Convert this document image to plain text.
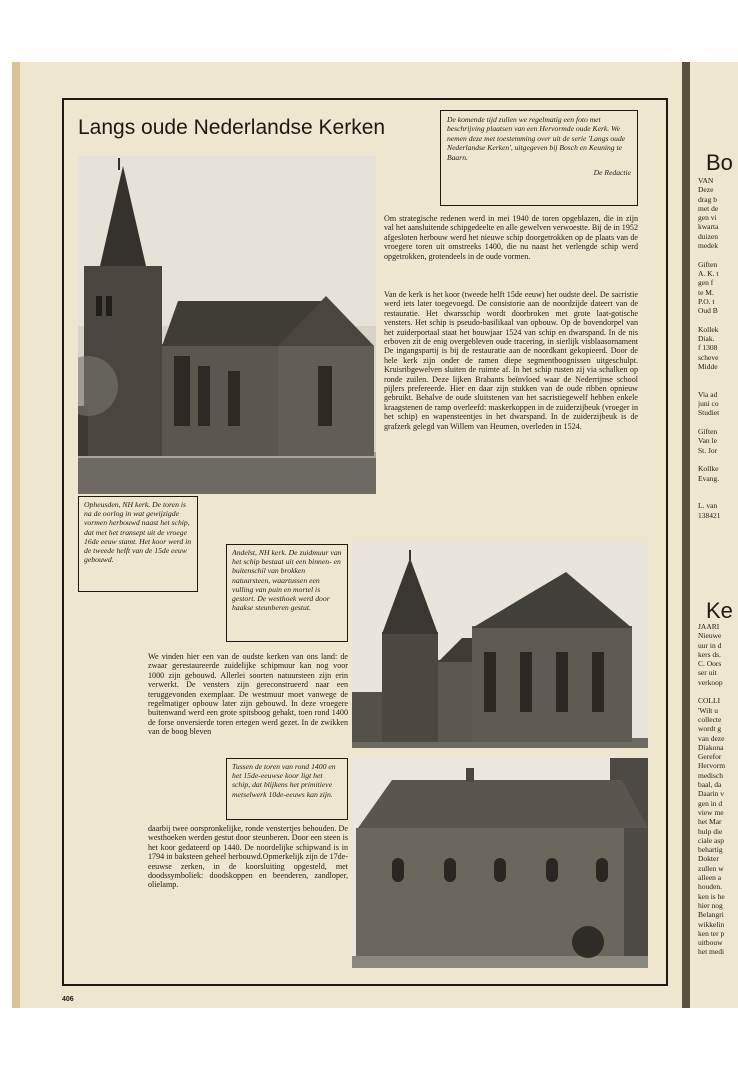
Langs oude Nederlandse Kerken	De komende tijd zullen we regelmatig een foto met beschrijving plaatsen van een Hervormde oude Kerk. We nemen deze met toestemming over uit de serie 'Langs oude Nederlandse Kerken', uitgegeven bij Bosch en Keuning te Baarn.
De Redactie
Opheusden, NH kerk. De toren is na de oorlog in wat gewijzigde vormen herbouwd naast het schip, dat met het transept uit de vroege 16de eeuw stamt. Het koor werd in de tweede helft van de 15de eeuw gebouwd.
Om strategische redenen werd in mei 1940 de toren opgeblazen, die in zijn val het aansluitende schipgedeelte en alle gewelven verwoestte. Bij de in 1952 afgesloten herbouw werd het nieuwe schip doorgetrokken op de plaats van de vroegere toren uit omstreeks 1400, die nu naast het verlengde schip werd opgetrokken, grotendeels in de oude vormen.
Van de kerk is het koor (tweede helft 15de eeuw) het oudste deel. De sacristie werd iets later toegevoegd. De consistorie aan de noordzijde dateert van de restauratie. Het dwarsschip wordt doorbroken met grote laat-gotische vensters. Het schip is pseudo-basilikaal van opbouw. Op de bovendorpel van het zuiderportaal staat het bouwjaar 1524 van schip en dwarspand. In de nis erboven zit de enig overgebleven oude tracering, in sierlijk visblaasornament De ingangspartij is bij de restauratie aan de noordkant gekopieerd. Door de hele kerk zijn onder de ramen diepe segmentboognissen uitgeschulpt. Kruisribgewelven sluiten de ruimte af. In het schip rusten zij via schalken op ronde zuilen. Deze lijken Brabants beïnvloed waar de Nederrijnse school pijlers prefereerde. Hier en daar zijn stukken van de oude ribben opnieuw gebruikt. Behalve de oude sluitstenen van het sacristiegewelf hebben enkele kraagstenen de ramp overleefd: maskerkoppen in de zuiderzijbeuk (vroeger in het schip) en wapensteentjes in het dwarspand. In de zuiderzijbeuk is de grafzerk gelegd van Willem van Heumen, overleden in 1524.
Andelst, NH kerk. De zuidmuur van het schip bestaat uit een binnen- en buitenschil van brokken natuursteen, waartussen een vulling van puin en mortel is gestort. De westhoek werd door haakse steunberen gestut.
We vinden hier een van de oudste kerken van ons land: de zwaar gerestaureerde zuidelijke schipmuur kan nog voor 1000 zijn gebouwd. Allerlei soorten natuursteen zijn erin verwerkt. De vensters zijn gereconstrueerd naar een teruggevonden exemplaar. De westmuur moet vanwege de regelmatiger opbouw later zijn gebouwd. In deze vroegere buitenwand werd een grote spitsboog gehakt, toen rond 1400 de forse onversierde toren ertegen werd gezet. In de zwikken van de boog bleven
Tussen de toren van rond 1400 en het 15de-eeuwse koor ligt het schip, dat blijkens het primitieve metselwerk 10de-eeuws kan zijn.
daarbij twee oorspronkelijke, ronde venstertjes behouden. De westhoeken werden gestut door steunberen. Door een steen is het koor gedateerd op 1440. De noordelijke schipwand is in 1794 in baksteen geheel herbouwd.Opmerkelijk zijn de 17de-eeuwse zerken, in de koorsluiting opgesteld, met doodssymboliek: doodskoppen en beenderen, zandloper, olielamp.
406
Bo
VAN
Deze
drag b
met de
gen vi
kwarta
duizen
medek
Giften
A. K. t
gen f
te M.
P.O. t
Oud B
Kollek
Diak.
f 1308
scheve
Midde
Via ad
juni co
Studiet
Giften
Van le
St. Jor
Kollke
Evang.
L. van
138421
Ke
JAARI
Nieuwe
uur in d
kers ds.
C. Oors
ser uit
verkoop
COLLI
'Wilt u
collecte
wordt g
van deze
Diakona
Gerefor
Hervorm
medisch
baal, da
Daarin v
gen in d
view me
het Mar
hulp die
ciale asp
behartig
Dokter
zullen w
alleen a
houden.
ken is he
hier nog
Belangri
wikkelin
ken ter p
uitbouw
het medi
